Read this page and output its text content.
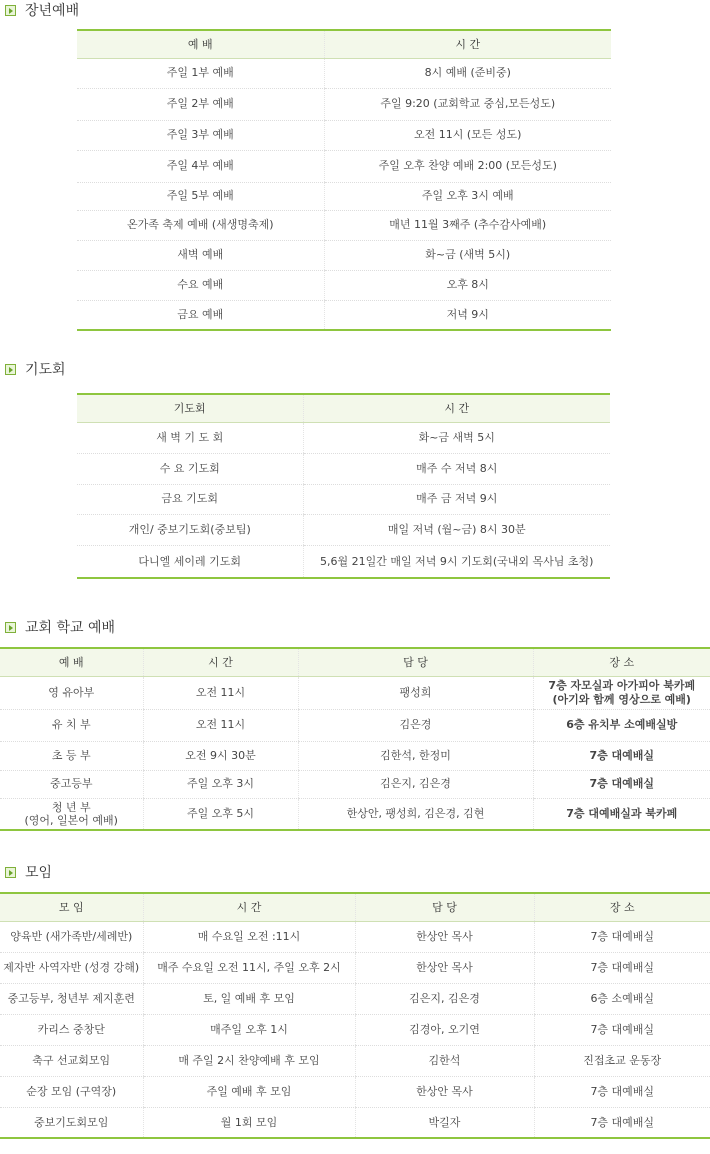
장년예배
예 배	시 간
주일 1부 예배	8시 예배 (준비중)
주일 2부 예배	주일 9:20 (교회학교 중심,모든성도)
주일 3부 예배	오전 11시 (모든 성도)
주일 4부 예배	주일 오후 찬양 예배 2:00 (모든성도)
주일 5부 예배	주일 오후 3시 예배
온가족 축제 예배 (새생명축제)	매년 11월 3째주 (추수감사예배)
새벽 예배	화~금 (새벽 5시)
수요 예배	오후 8시
금요 예배	저녁 9시
기도회
기도회	시 간
새 벽 기 도 회	화~금 새벽 5시
수 요 기도회	매주 수 저녁 8시
금요 기도회	매주 금 저녁 9시
개인/ 중보기도회(중보팀)	매일 저녁 (월~금) 8시 30분
다니엘 세이레 기도회	5,6월 21일간 매일 저녁 9시 기도회(국내외 목사님 초청)
교회 학교 예배
예 배	시 간	담 당	장 소
영 유아부	오전 11시	팽성희	7층 자모실과 아가피아 북카페
(아기와 함께 영상으로 예배)
유 치 부	오전 11시	김은경	6층 유치부 소예배실방
초 등 부	오전 9시 30분	김한석, 한정미	7층 대예배실
중고등부	주일 오후 3시	김은지, 김은경	7층 대예배실
청 년 부
(영어, 일본어 예배)	주일 오후 5시	한상안, 팽성희, 김은경, 김현	7층 대예배실과 북카페
모임
모 임	시 간	담 당	장 소
양육반 (새가족반/세례반)	매 수요일 오전 :11시	한상안 목사	7층 대예배실
제자반 사역자반 (성경 강해)	매주 수요일 오전 11시, 주일 오후 2시	한상안 목사	7층 대예배실
중고등부, 청년부 제지훈련	토, 일 예배 후 모임	김은지, 김은경	6층 소예배실
카리스 중창단	매주일 오후 1시	김경아, 오기연	7층 대예배실
축구 선교회모임	매 주일 2시 찬양예배 후 모임	김한석	진접초교 운동장
순장 모임 (구역장)	주일 예배 후 모임	한상안 목사	7층 대예배실
중보기도회모임	월 1회 모임	박길자	7층 대예배실
